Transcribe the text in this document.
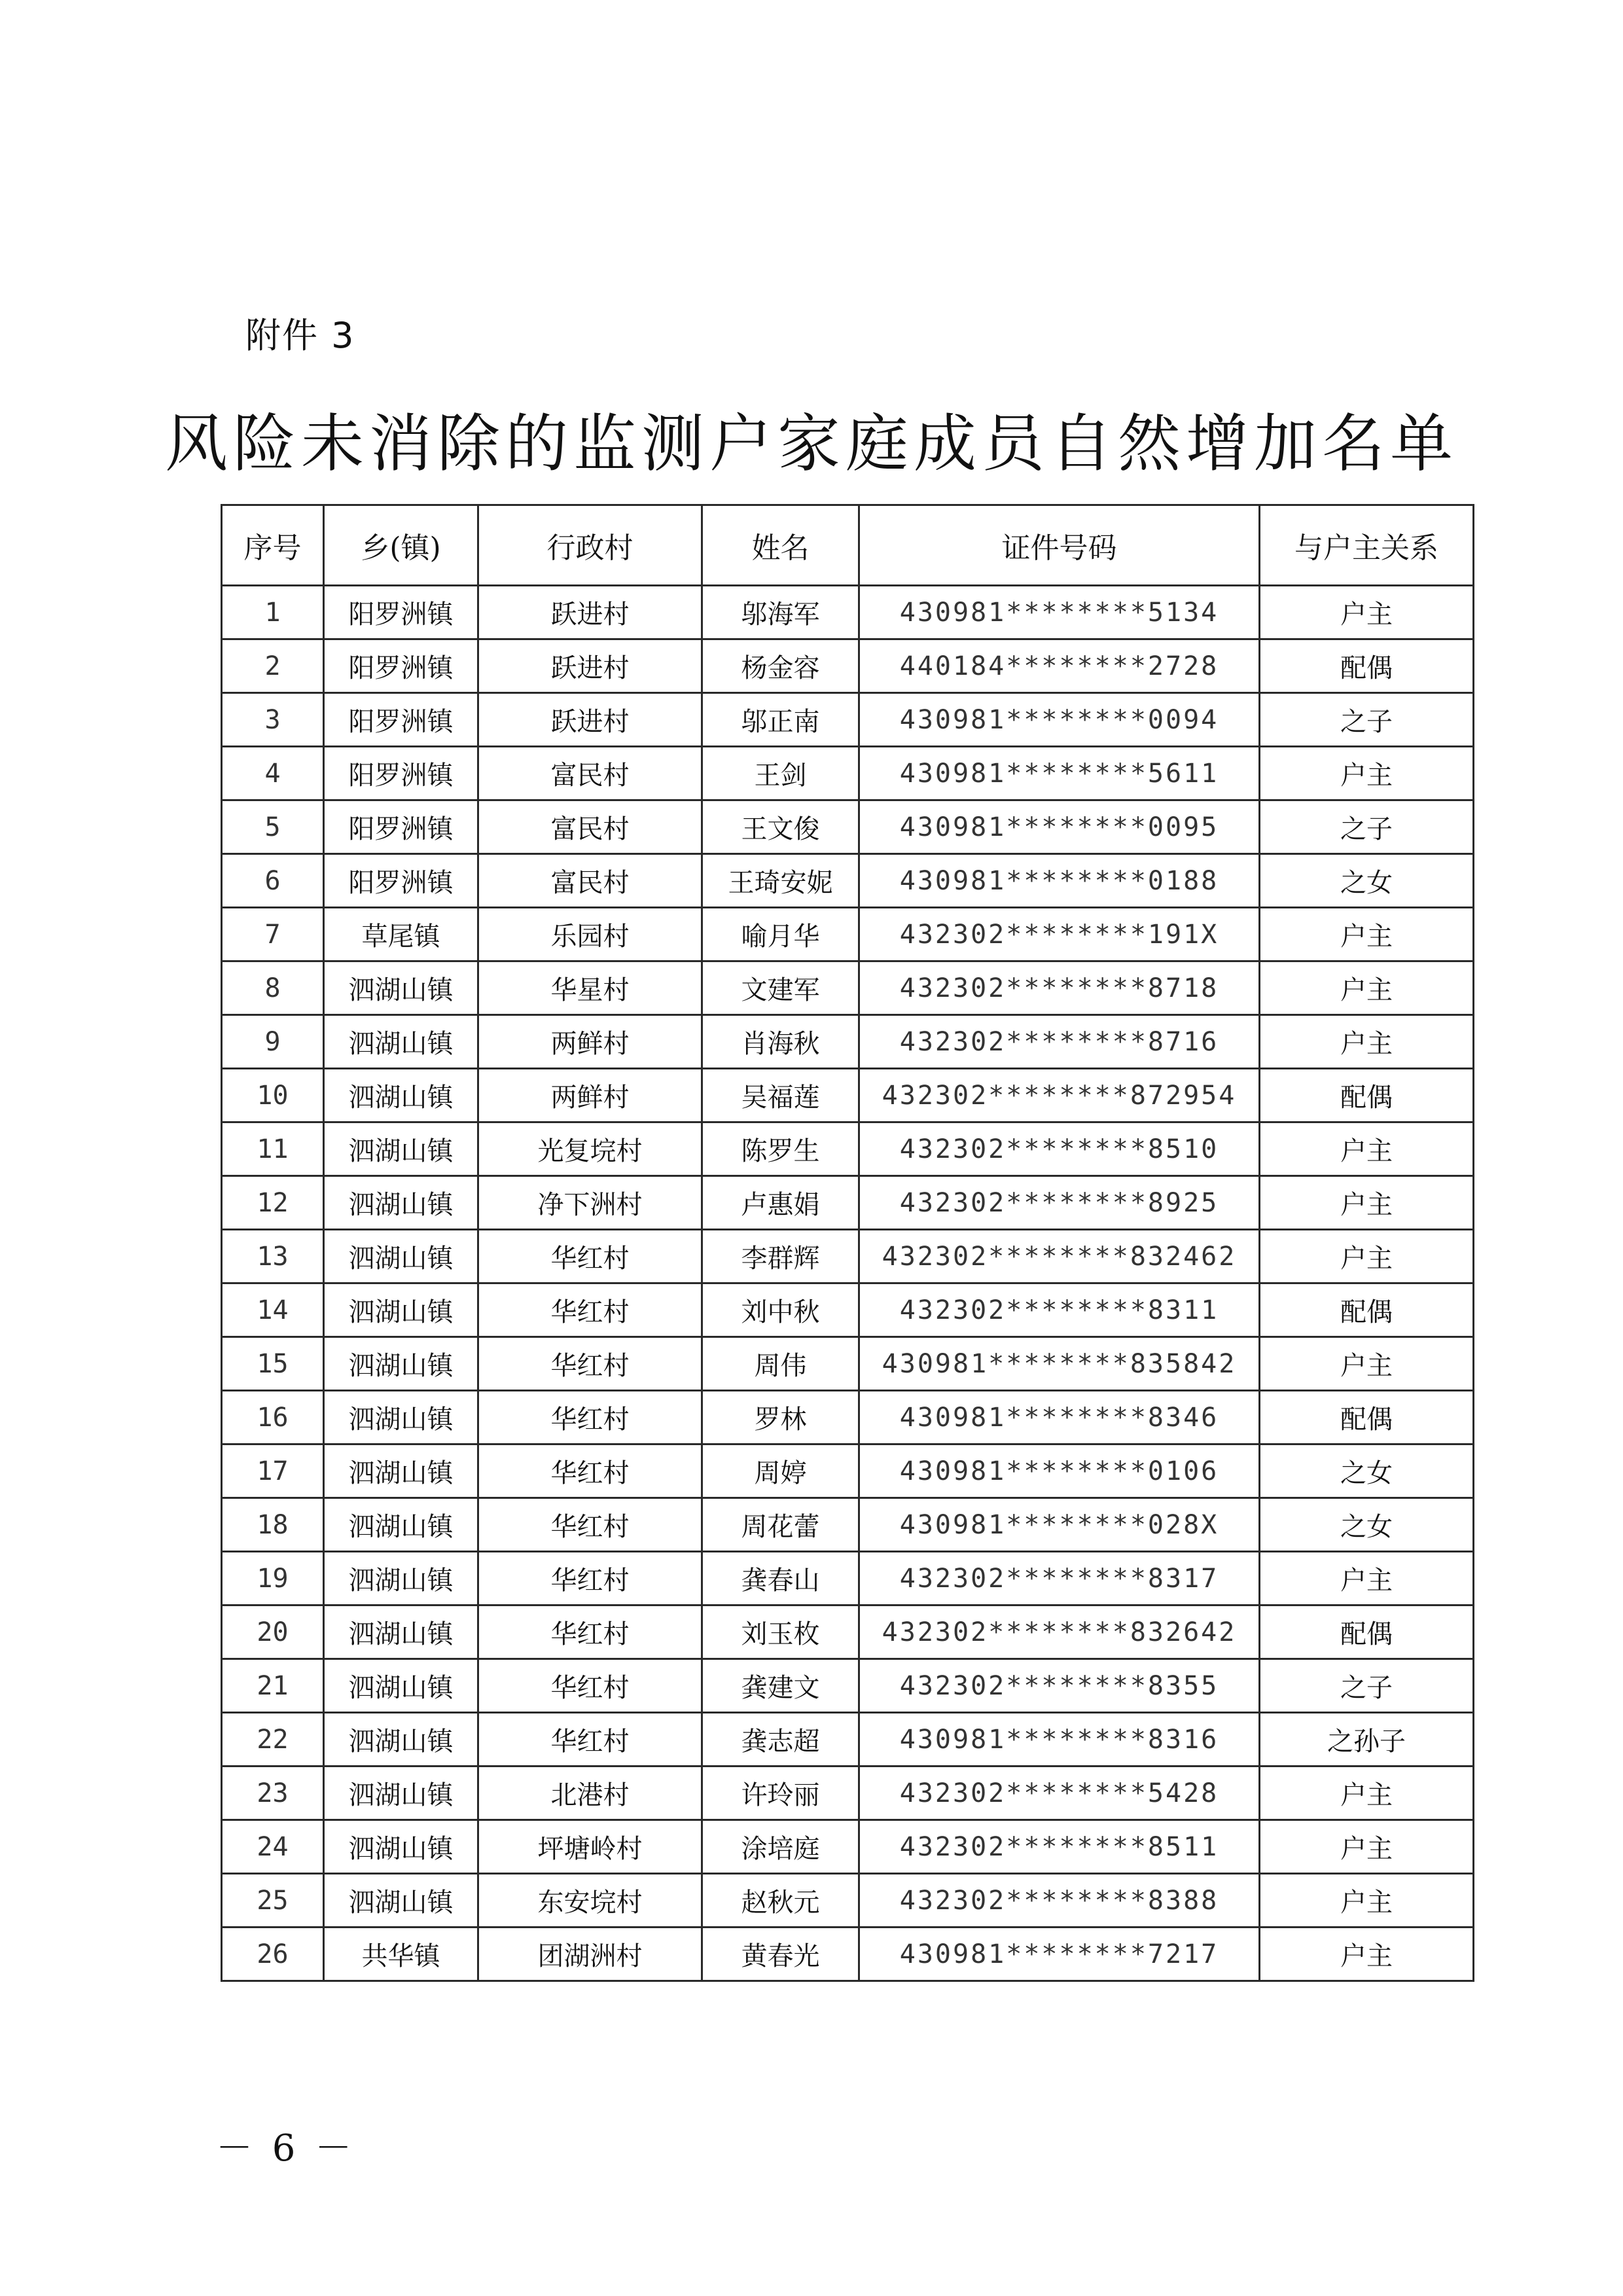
附件 3
风险未消除的监测户家庭成员自然增加名单
序号	乡(镇)	行政村	姓名	证件号码	与户主关系
1	阳罗洲镇	跃进村	邬海军	430981********5134	户主
2	阳罗洲镇	跃进村	杨金容	440184********2728	配偶
3	阳罗洲镇	跃进村	邬正南	430981********0094	之子
4	阳罗洲镇	富民村	王剑	430981********5611	户主
5	阳罗洲镇	富民村	王文俊	430981********0095	之子
6	阳罗洲镇	富民村	王琦安妮	430981********0188	之女
7	草尾镇	乐园村	喻月华	432302********191X	户主
8	泗湖山镇	华星村	文建军	432302********8718	户主
9	泗湖山镇	两鲜村	肖海秋	432302********8716	户主
10	泗湖山镇	两鲜村	吴福莲	432302********872954	配偶
11	泗湖山镇	光复垸村	陈罗生	432302********8510	户主
12	泗湖山镇	净下洲村	卢惠娟	432302********8925	户主
13	泗湖山镇	华红村	李群辉	432302********832462	户主
14	泗湖山镇	华红村	刘中秋	432302********8311	配偶
15	泗湖山镇	华红村	周伟	430981********835842	户主
16	泗湖山镇	华红村	罗林	430981********8346	配偶
17	泗湖山镇	华红村	周婷	430981********0106	之女
18	泗湖山镇	华红村	周花蕾	430981********028X	之女
19	泗湖山镇	华红村	龚春山	432302********8317	户主
20	泗湖山镇	华红村	刘玉枚	432302********832642	配偶
21	泗湖山镇	华红村	龚建文	432302********8355	之子
22	泗湖山镇	华红村	龚志超	430981********8316	之孙子
23	泗湖山镇	北港村	许玲丽	432302********5428	户主
24	泗湖山镇	坪塘岭村	涂培庭	432302********8511	户主
25	泗湖山镇	东安垸村	赵秋元	432302********8388	户主
26	共华镇	团湖洲村	黄春光	430981********7217	户主
－ 6 －
